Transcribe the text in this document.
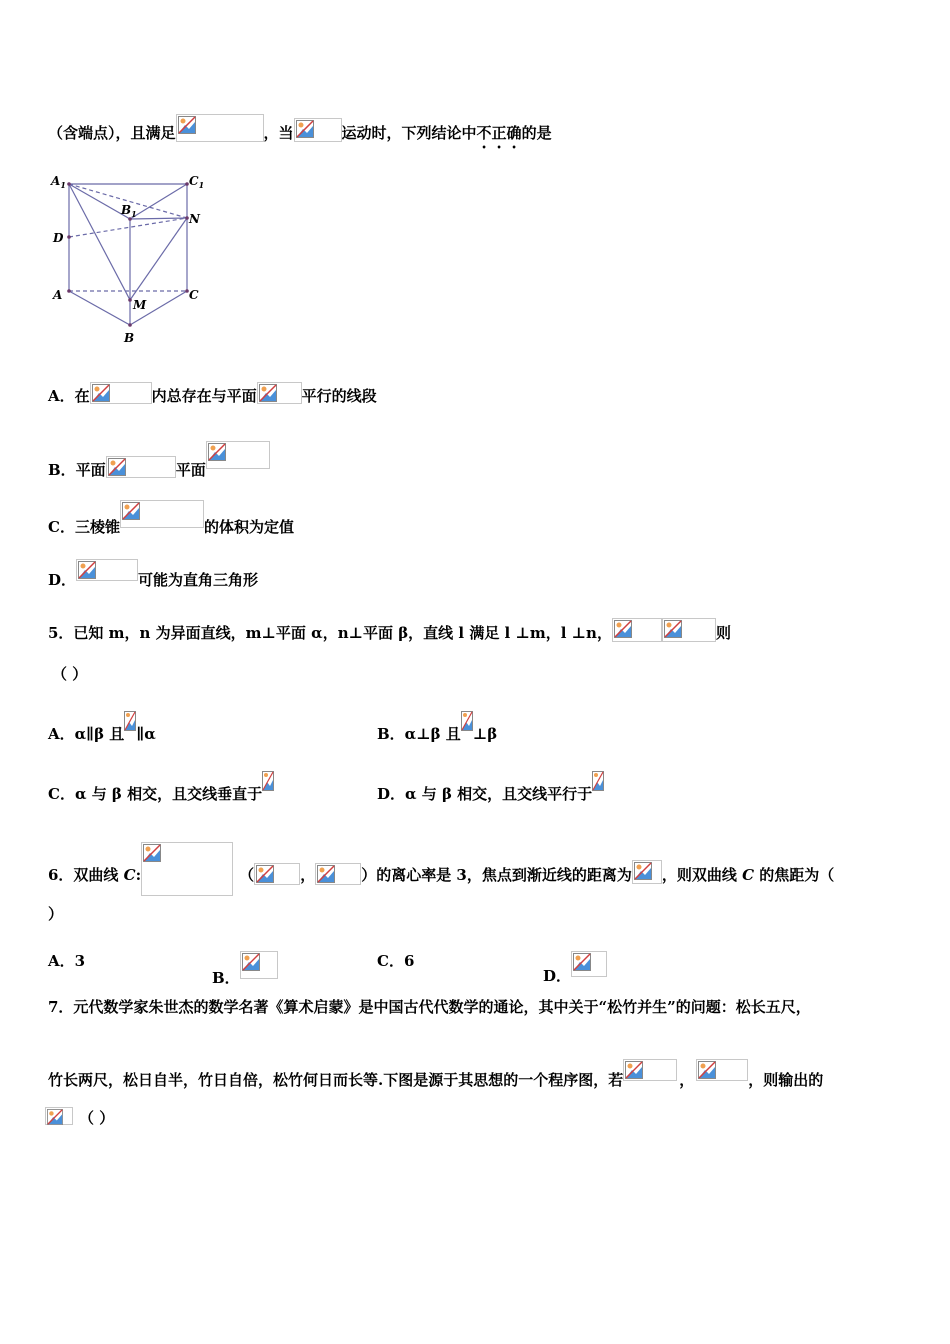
（含端点），且满足	，当	运动时，下列结论中不正确的是
$A_1$	$C_1$
$B_1$	N
D
A	C
M
B
A．在	内总存在与平面	平行的线段
B．平面	平面
C．三棱锥	的体积为定值
D．	可能为直角三角形
5．已知 m，n 为异面直线，m⊥平面 α，n⊥平面 β，直线 l 满足 l ⊥m，l ⊥n，	则
（ ）
A．α∥β 且 ∥α	B．α⊥β 且 ⊥β
C．α 与 β 相交，且交线垂直于	D．α 与 β 相交，且交线平行于
6．双曲线 C:	（	，	）的离心率是 3，焦点到渐近线的距离为 ，则双曲线 C 的焦距为（
）
A．3
B．
C．6
D．
7．元代数学家朱世杰的数学名著《算术启蒙》是中国古代代数学的通论，其中关于“松竹并生”的问题：松长五尺，
竹长两尺，松日自半，竹日自倍，松竹何日而长等.下图是源于其思想的一个程序图，若	，	，则输出的
（ ）
